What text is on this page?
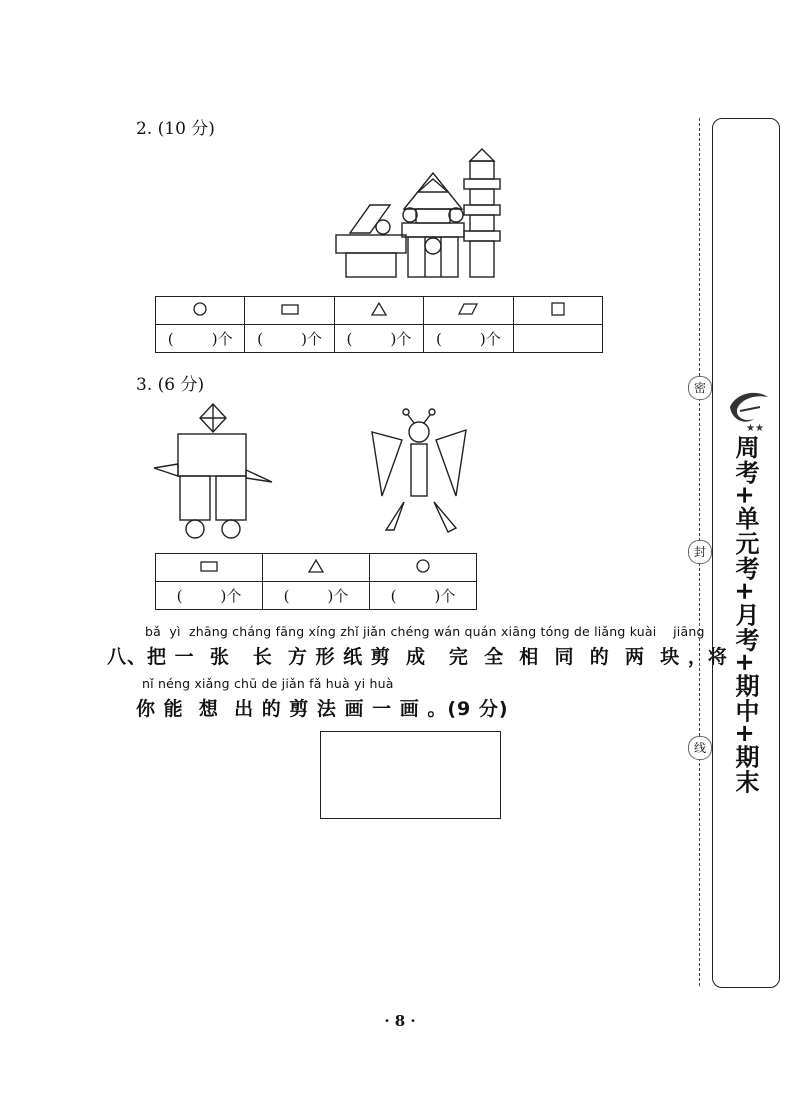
2. (10 分)

(        )个	(        )个	(        )个	(        )个	
3. (6 分)

(        )个	(        )个	(        )个
bǎ  yì  zhāng cháng fāng xíng zhǐ jiǎn chéng wán quán xiāng tóng de liǎng kuài    jiāng
八、把 一  张   长  方 形 纸 剪  成   完  全  相  同  的  两  块 ，将
nǐ néng xiǎng chū de jiǎn fǎ huà yi huà
你 能  想  出 的 剪 法 画 一 画 。(9 分)
密
封
线
★★
周考+单元考+月考+期中+期末
· 8 ·
